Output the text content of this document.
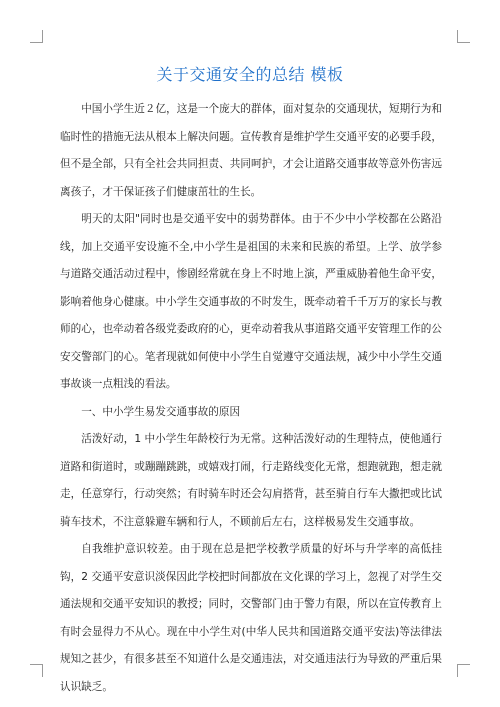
关于交通安全的总结 模板

中国小学生近２亿，这是一个庞大的群体，面对复杂的交通现状，短期行为和临时性的措施无法从根本上解决问题。宣传教育是维护学生交通平安的必要手段，但不是全部，只有全社会共同担责、共同呵护，才会让道路交通事故等意外伤害远离孩子，才干保证孩子们健康茁壮的生长。

明天的太阳"同时也是交通平安中的弱势群体。由于不少中小学校都在公路沿线，加上交通平安设施不全,中小学生是祖国的未来和民族的希望。上学、放学参与道路交通活动过程中，惨剧经常就在身上不时地上演，严重威胁着他生命平安，影响着他身心健康。中小学生交通事故的不时发生，既牵动着千千万万的家长与教师的心，也牵动着各级党委政府的心，更牵动着我从事道路交通平安管理工作的公安交警部门的心。笔者现就如何使中小学生自觉遵守交通法规，减少中小学生交通事故谈一点粗浅的看法。

一、中小学生易发交通事故的原因

活泼好动，1 中小学生年龄校行为无常。这种活泼好动的生理特点，使他通行道路和街道时，或蹦蹦跳跳，或嬉戏打闹，行走路线变化无常，想跑就跑，想走就走，任意穿行，行动突然；有时骑车时还会勾肩搭背，甚至骑自行车大撒把或比试骑车技术，不注意躲避车辆和行人，不顾前后左右，这样极易发生交通事故。

自我维护意识较差。由于现在总是把学校教学质量的好坏与升学率的高低挂钩，2 交通平安意识淡保因此学校把时间都放在文化课的学习上，忽视了对学生交通法规和交通平安知识的教授；同时，交警部门由于警力有限，所以在宣传教育上有时会显得力不从心。现在中小学生对(中华人民共和国道路交通平安法)等法律法规知之甚少，有很多甚至不知道什么是交通违法，对交通违法行为导致的严重后果认识缺乏。
